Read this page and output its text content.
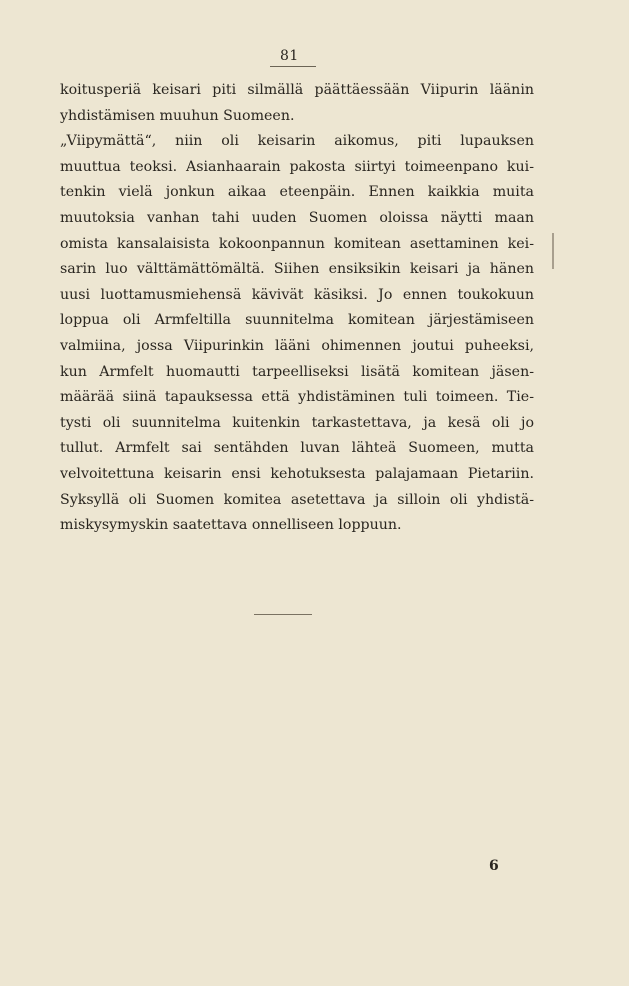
81
koitusperiä keisari piti silmällä päättäessään Viipurin läänin
yhdistämisen muuhun Suomeen.
„Viipymättä“, niin oli keisarin aikomus, piti lupauksen
muuttua teoksi. Asianhaarain pakosta siirtyi toimeenpano kui-
tenkin vielä jonkun aikaa eteenpäin. Ennen kaikkia muita
muutoksia vanhan tahi uuden Suomen oloissa näytti maan
omista kansalaisista kokoonpannun komitean asettaminen kei-
sarin luo välttämättömältä. Siihen ensiksikin keisari ja hänen
uusi luottamusmiehensä kävivät käsiksi. Jo ennen toukokuun
loppua oli Armfeltilla suunnitelma komitean järjestämiseen
valmiina, jossa Viipurinkin lääni ohimennen joutui puheeksi,
kun Armfelt huomautti tarpeelliseksi lisätä komitean jäsen-
määrää siinä tapauksessa että yhdistäminen tuli toimeen. Tie-
tysti oli suunnitelma kuitenkin tarkastettava, ja kesä oli jo
tullut. Armfelt sai sentähden luvan lähteä Suomeen, mutta
velvoitettuna keisarin ensi kehotuksesta palajamaan Pietariin.
Syksyllä oli Suomen komitea asetettava ja silloin oli yhdistä-
miskysymyskin saatettava onnelliseen loppuun.
6
